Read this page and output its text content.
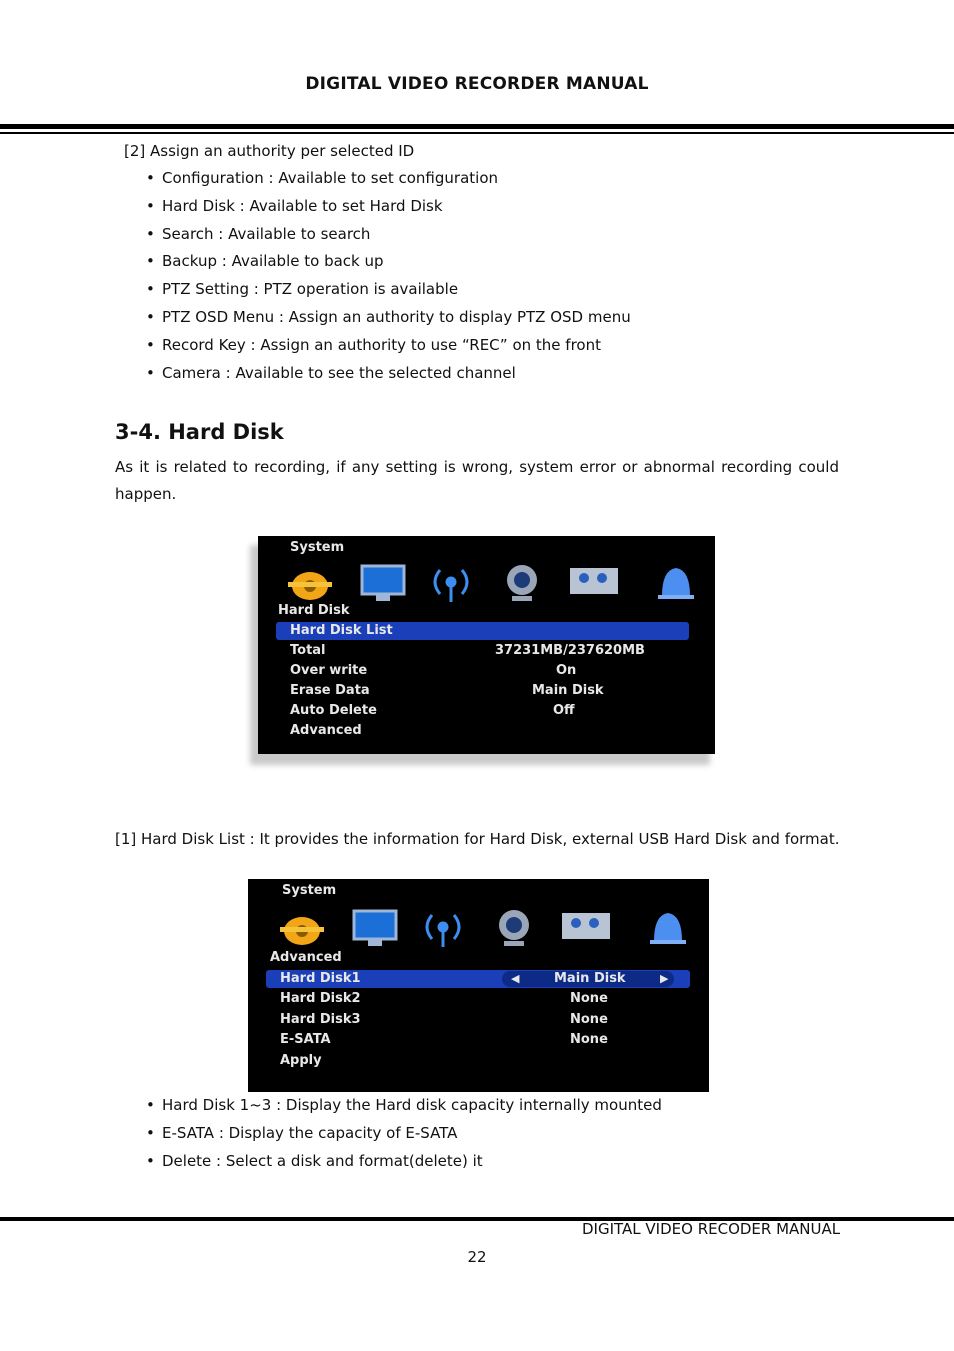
DIGITAL VIDEO RECORDER MANUAL
[2] Assign an authority per selected ID
• Configuration : Available to set configuration
• Hard Disk : Available to set Hard Disk
• Search : Available to search
• Backup : Available to back up
• PTZ Setting : PTZ operation is available
• PTZ OSD Menu : Assign an authority to display PTZ OSD menu
• Record Key : Assign an authority to use “REC” on the front
• Camera : Available to see the selected channel
3-4. Hard Disk
As it is related to recording, if any setting is wrong, system error or abnormal recording could happen.
System
Hard Disk
Hard Disk List
Total	37231MB/237620MB
Over write	On
Erase Data	Main Disk
Auto Delete	Off
Advanced
[1] Hard Disk List : It provides the information for Hard Disk, external USB Hard Disk and format.
System
Advanced
Hard Disk1	◀	Main Disk	▶
Hard Disk2	None
Hard Disk3	None
E-SATA	None
Apply
• Hard Disk 1~3 : Display the Hard disk capacity internally mounted
• E-SATA : Display the capacity of E-SATA
• Delete : Select a disk and format(delete) it
DIGITAL VIDEO RECODER MANUAL
22
